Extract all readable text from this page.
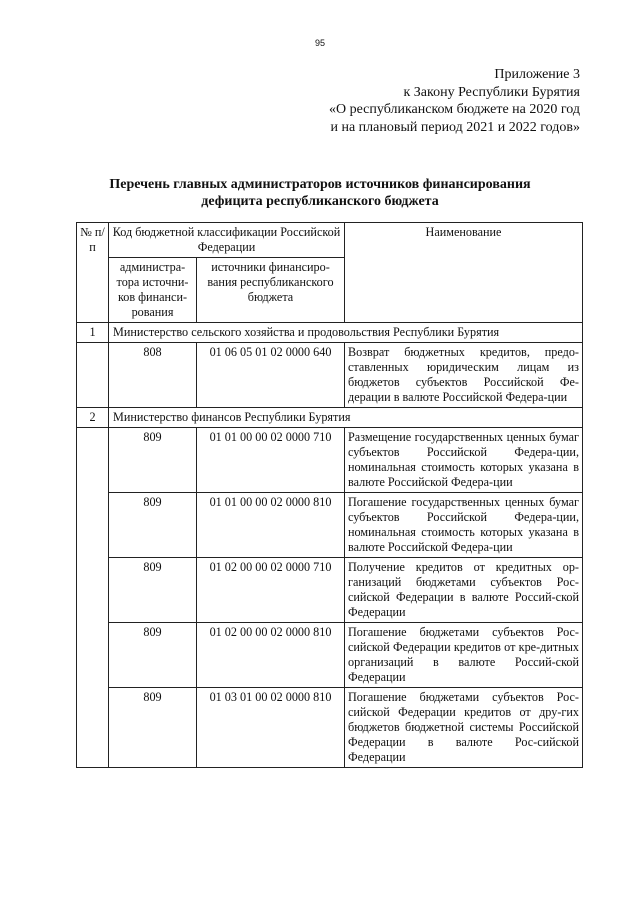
95
Приложение 3
к Закону Республики Бурятия
«О республиканском бюджете на 2020 год
и на плановый период 2021 и 2022 годов»
Перечень главных администраторов источников финансирования
дефицита республиканского бюджета
№ п/п	Код бюджетной классификации Российской Федерации		Наименование
	администра-тора источни-ков финанси-рования	источники финансиро-вания республиканского бюджета	
1	Министерство сельского хозяйства и продовольствия Республики Бурятия		
	808	01 06 05 01 02 0000 640	Возврат бюджетных кредитов, предо-ставленных юридическим лицам из бюджетов субъектов Российской Фе-дерации в валюте Российской Федера-ции
2	Министерство финансов Республики Бурятия		
	809	01 01 00 00 02 0000 710	Размещение государственных ценных бумаг субъектов Российской Федера-ции, номинальная стоимость которых указана в валюте Российской Федера-ции
	809	01 01 00 00 02 0000 810	Погашение государственных ценных бумаг субъектов Российской Федера-ции, номинальная стоимость которых указана в валюте Российской Федера-ции
	809	01 02 00 00 02 0000 710	Получение кредитов от кредитных ор-ганизаций бюджетами субъектов Рос-сийской Федерации в валюте Россий-ской Федерации
	809	01 02 00 00 02 0000 810	Погашение бюджетами субъектов Рос-сийской Федерации кредитов от кре-дитных организаций в валюте Россий-ской Федерации
	809	01 03 01 00 02 0000 810	Погашение бюджетами субъектов Рос-сийской Федерации кредитов от дру-гих бюджетов бюджетной системы Российской Федерации в валюте Рос-сийской Федерации
